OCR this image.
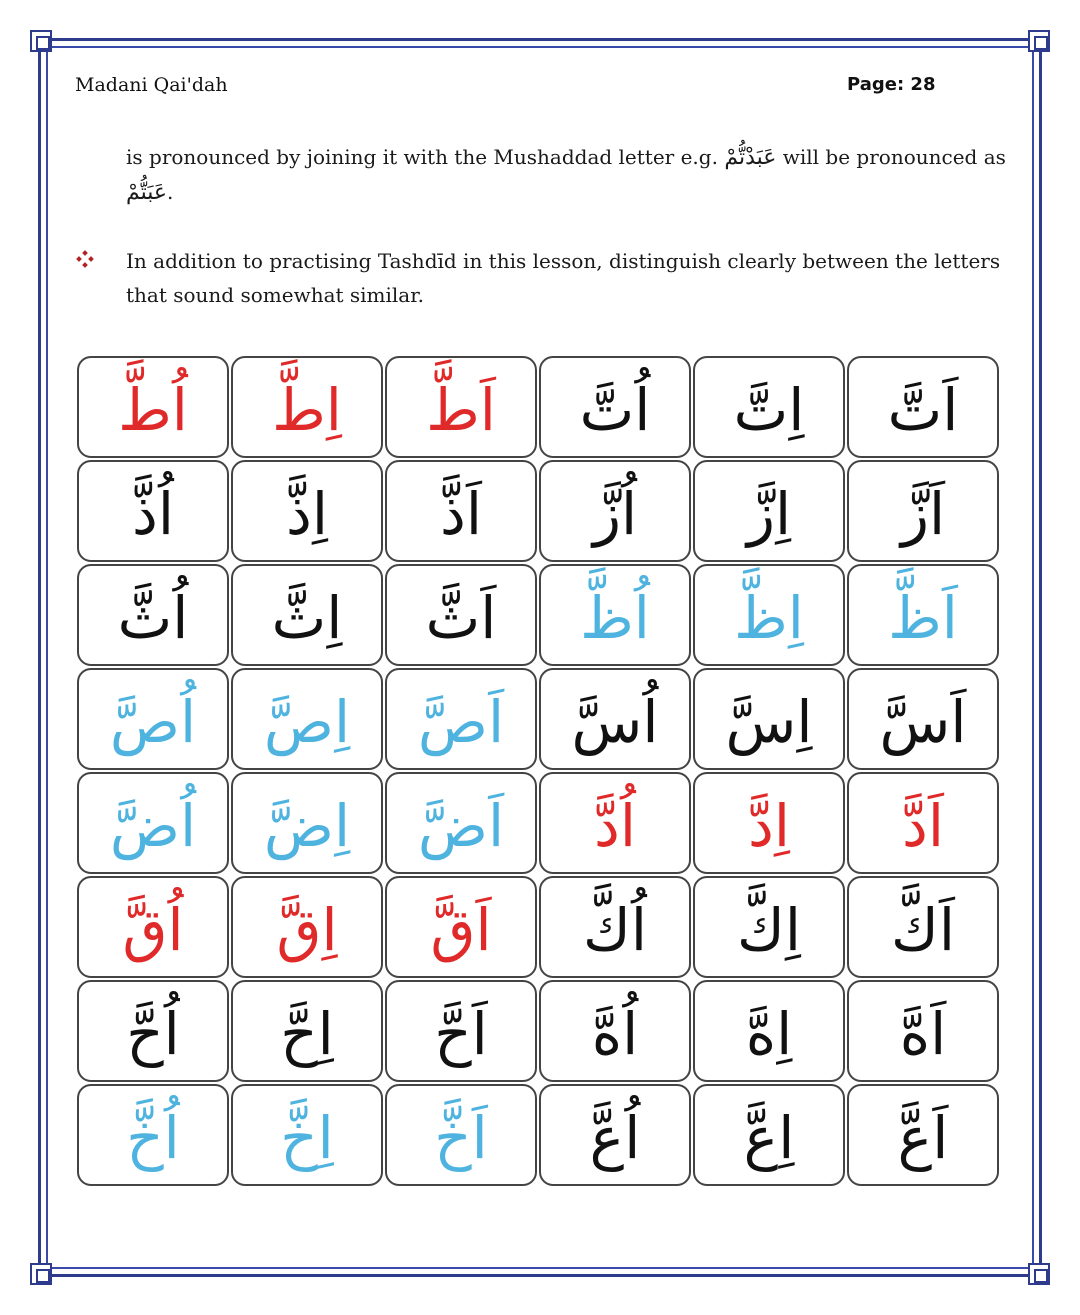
Madani Qai'dah	Page: 28
is pronounced by joining it with the Mushaddad letter e.g. عَبَدْتُّمْ will be pronounced as عَبَتُّمْ.
In addition to practising Tashdīd in this lesson, distinguish clearly between the letters that sound somewhat similar.
اَتَّ
اِتَّ
اُتَّ
اَطَّ
اِطَّ
اُطَّ
اَزَّ
اِزَّ
اُزَّ
اَذَّ
اِذَّ
اُذَّ
اَظَّ
اِظَّ
اُظَّ
اَثَّ
اِثَّ
اُثَّ
اَسَّ
اِسَّ
اُسَّ
اَصَّ
اِصَّ
اُصَّ
اَدَّ
اِدَّ
اُدَّ
اَضَّ
اِضَّ
اُضَّ
اَكَّ
اِكَّ
اُكَّ
اَقَّ
اِقَّ
اُقَّ
اَهَّ
اِهَّ
اُهَّ
اَحَّ
اِحَّ
اُحَّ
اَعَّ
اِعَّ
اُعَّ
اَخَّ
اِخَّ
اُخَّ
